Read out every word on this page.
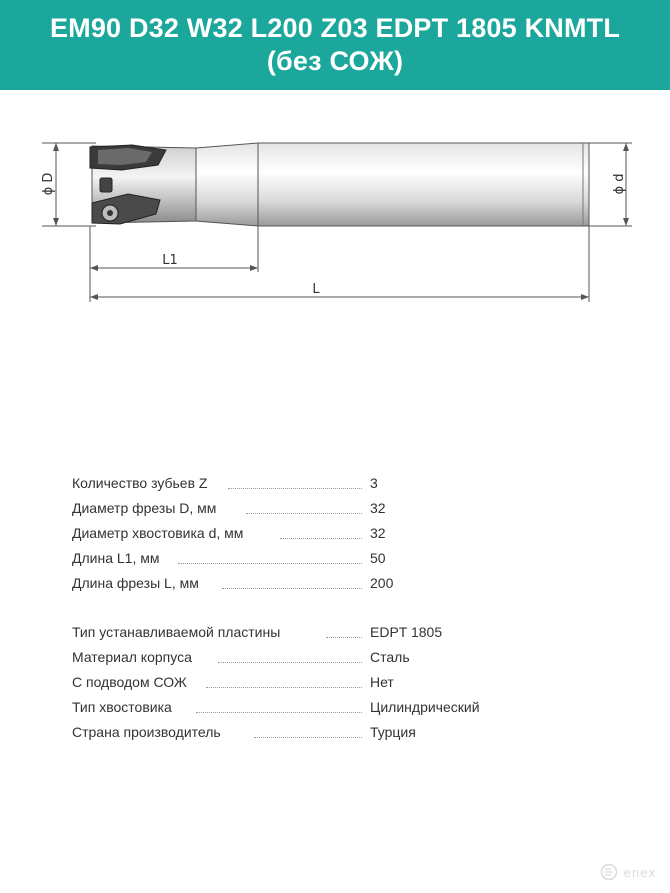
EM90 D32 W32 L200 Z03 EDPT 1805 KNMTL
(без СОЖ)
ϕ D	ϕ d
L1
L
Количество зубьев Z	3
Диаметр фрезы D, мм	32
Диаметр хвостовика d, мм	32
Длина L1, мм	50
Длина фрезы L, мм	200
Тип устанавливаемой пластины	EDPT 1805
Материал корпуса	Сталь
С подводом СОЖ	Нет
Тип хвостовика	Цилиндрический
Страна производитель	Турция
enex
